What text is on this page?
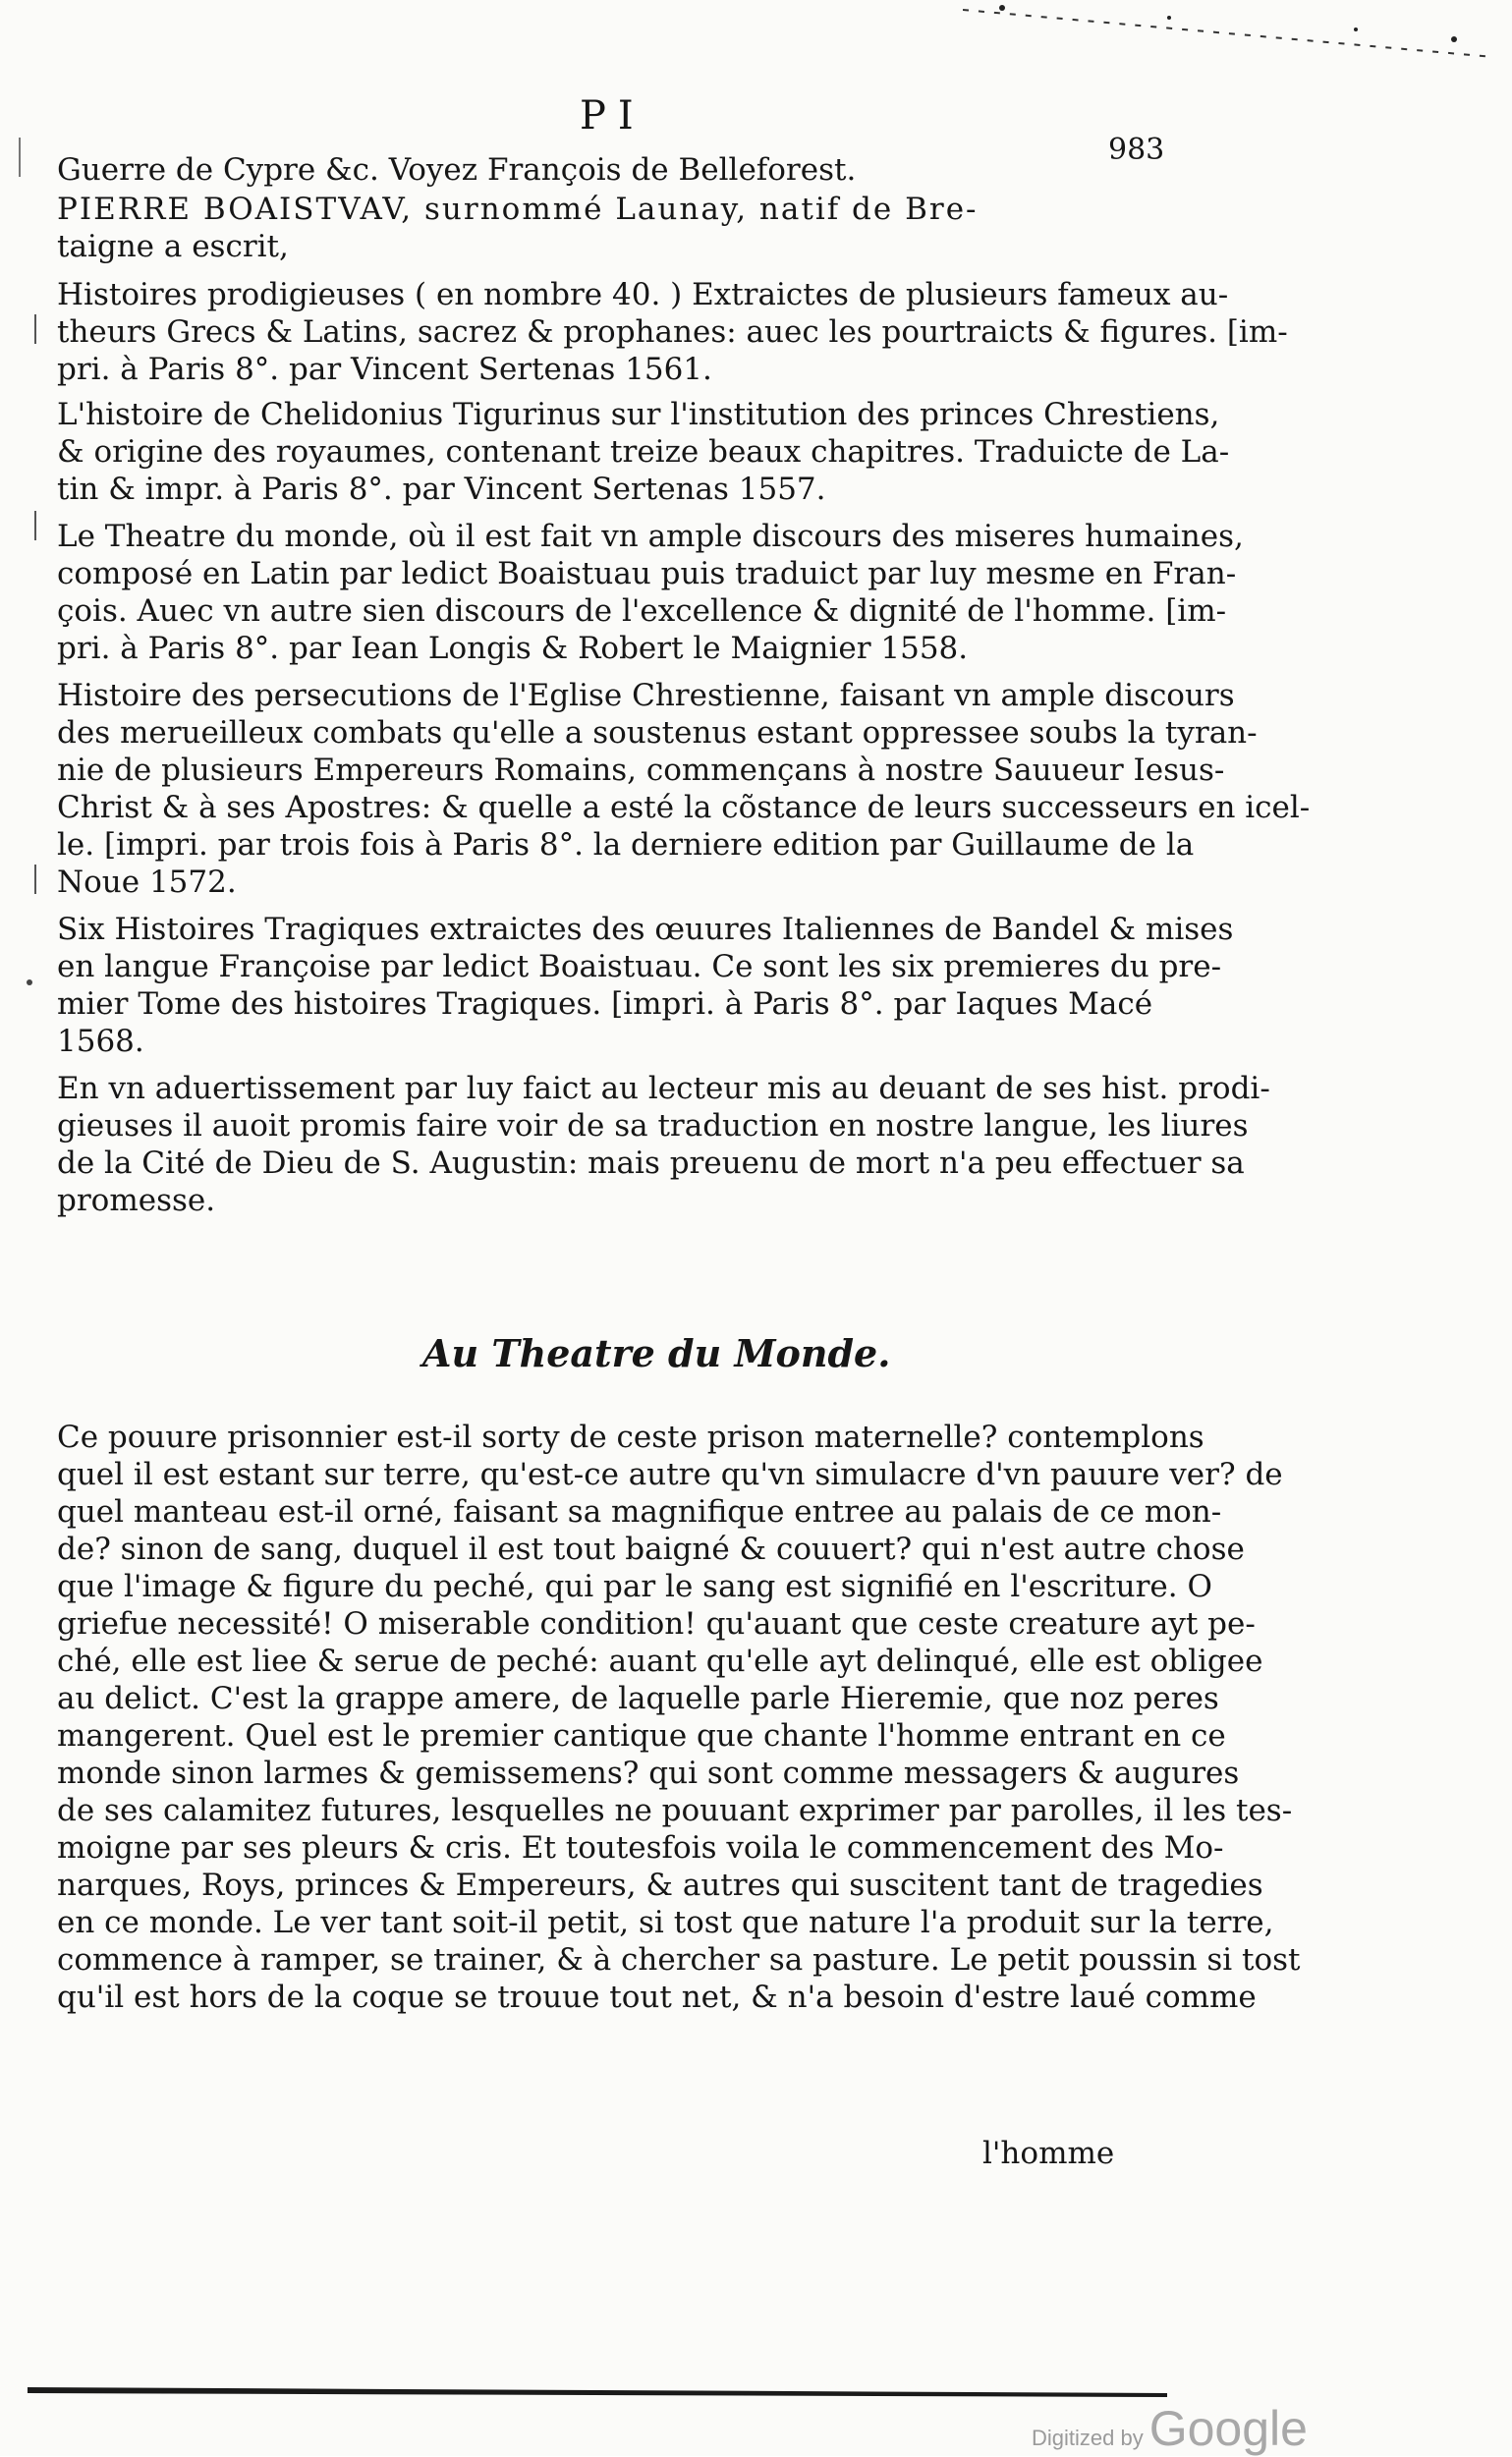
PI
983
Guerre de Cypre &c. Voyez François de Belleforest.
PIERRE BOAISTVAV, surnommé Launay, natif de Bre-
taigne a escrit,
Histoires prodigieuses ( en nombre 40. ) Extraictes de plusieurs fameux au-
theurs Grecs & Latins, sacrez & prophanes: auec les pourtraicts & figures. [im-
pri. à Paris 8°. par Vincent Sertenas 1561.
L'histoire de Chelidonius Tigurinus sur l'institution des princes Chrestiens,
& origine des royaumes, contenant treize beaux chapitres. Traduicte de La-
tin & impr. à Paris 8°. par Vincent Sertenas 1557.
Le Theatre du monde, où il est fait vn ample discours des miseres humaines,
composé en Latin par ledict Boaistuau puis traduict par luy mesme en Fran-
çois. Auec vn autre sien discours de l'excellence & dignité de l'homme. [im-
pri. à Paris 8°. par Iean Longis & Robert le Maignier 1558.
Histoire des persecutions de l'Eglise Chrestienne, faisant vn ample discours
des merueilleux combats qu'elle a soustenus estant oppressee soubs la tyran-
nie de plusieurs Empereurs Romains, commençans à nostre Sauueur Iesus-
Christ & à ses Apostres: & quelle a esté la cõstance de leurs successeurs en icel-
le. [impri. par trois fois à Paris 8°. la derniere edition par Guillaume de la
Noue 1572.
Six Histoires Tragiques extraictes des œuures Italiennes de Bandel & mises
en langue Françoise par ledict Boaistuau. Ce sont les six premieres du pre-
mier Tome des histoires Tragiques. [impri. à Paris 8°. par Iaques Macé
1568.
En vn aduertissement par luy faict au lecteur mis au deuant de ses hist. prodi-
gieuses il auoit promis faire voir de sa traduction en nostre langue, les liures
de la Cité de Dieu de S. Augustin: mais preuenu de mort n'a peu effectuer sa
promesse.
Au Theatre du Monde.
Ce pouure prisonnier est-il sorty de ceste prison maternelle? contemplons
quel il est estant sur terre, qu'est-ce autre qu'vn simulacre d'vn pauure ver? de
quel manteau est-il orné, faisant sa magnifique entree au palais de ce mon-
de? sinon de sang, duquel il est tout baigné & couuert? qui n'est autre chose
que l'image & figure du peché, qui par le sang est signifié en l'escriture. O
griefue necessité! O miserable condition! qu'auant que ceste creature ayt pe-
ché, elle est liee & serue de peché: auant qu'elle ayt delinqué, elle est obligee
au delict. C'est la grappe amere, de laquelle parle Hieremie, que noz peres
mangerent. Quel est le premier cantique que chante l'homme entrant en ce
monde sinon larmes & gemissemens? qui sont comme messagers & augures
de ses calamitez futures, lesquelles ne pouuant exprimer par parolles, il les tes-
moigne par ses pleurs & cris. Et toutesfois voila le commencement des Mo-
narques, Roys, princes & Empereurs, & autres qui suscitent tant de tragedies
en ce monde. Le ver tant soit-il petit, si tost que nature l'a produit sur la terre,
commence à ramper, se trainer, & à chercher sa pasture. Le petit poussin si tost
qu'il est hors de la coque se trouue tout net, & n'a besoin d'estre laué comme
l'homme
Digitized by Google
